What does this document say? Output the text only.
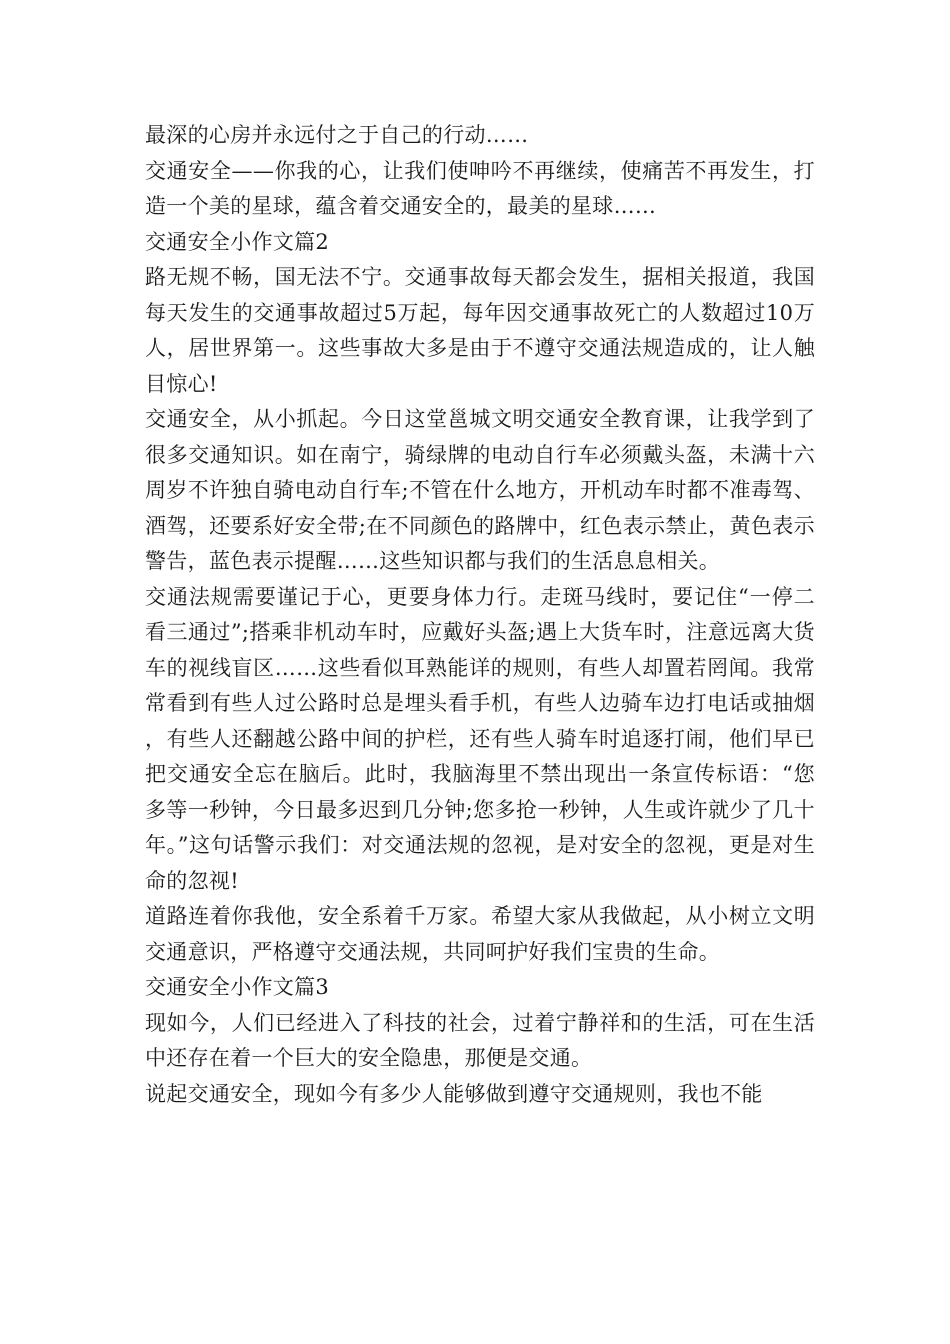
最深的心房并永远付之于自己的行动……

交通安全——你我的心，让我们使呻吟不再继续，使痛苦不再发生，打造一个美的星球，蕴含着交通安全的，最美的星球……

交通安全小作文篇2

路无规不畅，国无法不宁。交通事故每天都会发生，据相关报道，我国每天发生的交通事故超过5万起，每年因交通事故死亡的人数超过10万人，居世界第一。这些事故大多是由于不遵守交通法规造成的，让人触目惊心!

交通安全，从小抓起。今日这堂邕城文明交通安全教育课，让我学到了很多交通知识。如在南宁，骑绿牌的电动自行车必须戴头盔，未满十六周岁不许独自骑电动自行车;不管在什么地方，开机动车时都不准毒驾、酒驾，还要系好安全带;在不同颜色的路牌中，红色表示禁止，黄色表示警告，蓝色表示提醒……这些知识都与我们的生活息息相关。

交通法规需要谨记于心，更要身体力行。走斑马线时，要记住“一停二看三通过”;搭乘非机动车时，应戴好头盔;遇上大货车时，注意远离大货车的视线盲区……这些看似耳熟能详的规则，有些人却置若罔闻。我常常看到有些人过公路时总是埋头看手机，有些人边骑车边打电话或抽烟，有些人还翻越公路中间的护栏，还有些人骑车时追逐打闹，他们早已把交通安全忘在脑后。此时，我脑海里不禁出现出一条宣传标语：“您多等一秒钟，今日最多迟到几分钟;您多抢一秒钟，人生或许就少了几十年。”这句话警示我们：对交通法规的忽视，是对安全的忽视，更是对生命的忽视!

道路连着你我他，安全系着千万家。希望大家从我做起，从小树立文明交通意识，严格遵守交通法规，共同呵护好我们宝贵的生命。

交通安全小作文篇3

现如今，人们已经进入了科技的社会，过着宁静祥和的生活，可在生活中还存在着一个巨大的安全隐患，那便是交通。

说起交通安全，现如今有多少人能够做到遵守交通规则，我也不能
